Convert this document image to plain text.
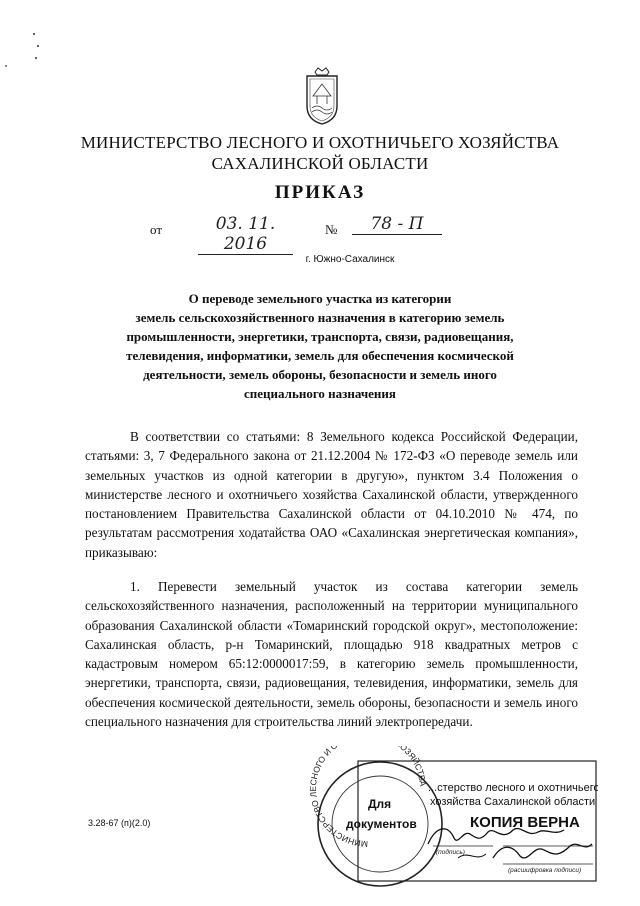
МИНИСТЕРСТВО ЛЕСНОГО И ОХОТНИЧЬЕГО ХОЗЯЙСТВА
САХАЛИНСКОЙ ОБЛАСТИ
ПРИКАЗ
от	03. 11. 2016
№	78 - П
г. Южно-Сахалинск
О переводе земельного участка из категории
земель сельскохозяйственного назначения в категорию земель
промышленности, энергетики, транспорта, связи, радиовещания,
телевидения, информатики, земель для обеспечения космической
деятельности, земель обороны, безопасности и земель иного
специального назначения
В соответствии со статьями: 8 Земельного кодекса Российской Федерации, статьями: 3, 7 Федерального закона от 21.12.2004 № 172-ФЗ «О переводе земель или земельных участков из одной категории в другую», пунктом 3.4 Положения о министерстве лесного и охотничьего хозяйства Сахалинской области, утвержденного постановлением Правительства Сахалинской области от 04.10.2010 № 474, по результатам рассмотрения ходатайства ОАО «Сахалинская энергетическая компания», приказываю:
1. Перевести земельный участок из состава категории земель сельскохозяйственного назначения, расположенный на территории муниципального образования Сахалинской области «Томаринский городской округ», местоположение: Сахалинская область, р-н Томаринский, площадью 918 квадратных метров с кадастровым номером 65:12:0000017:59, в категорию земель промышленности, энергетики, транспорта, связи, радиовещания, телевидения, информатики, земель для обеспечения космической деятельности, земель обороны, безопасности и земель иного специального назначения для строительства линий электропередачи.
3.28-67 (п)(2.0)
МИНИСТЕРСТВО ЛЕСНОГО И О ОЗЯЙСТВА
Для
...стерство лесного и охотничьего
хозяйства Сахалинской области
документов	КОПИЯ ВЕРНА
(подпись)
(расшифровка подписи)
